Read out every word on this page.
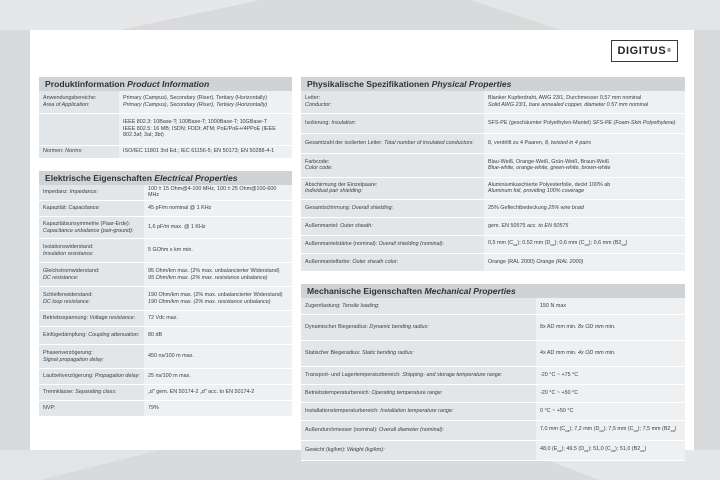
DIGITUS ®
Produktinformation Product Information
Anwendungsbereiche:
Area of Application:	Primary (Campus), Secondary (Riser), Tertiary (Horizontally)
Primary (Campus), Secondary (Riser), Tertiary (Horizontally)

	IEEE 802.3: 10Base-T; 100Base-T; 1000Base-T; 10GBase-T
IEEE 802.5: 16 MB; ISDN; FDDI; ATM; PoE/PoE+/4PPoE (IEEE 802.3af; 3at; 3bt)

Normen: Norms:	ISO/IEC 11801 3rd Ed.; IEC 61156-5; EN 50173; EN 50288-4-1
Elektrische Eigenschaften Electrical Properties
Impedanz: Impedance:	100 ± 15 Ohm@4-100 MHz, 100 ± 25 Ohm@100-600 MHz
Kapazität: Capacitance:	45 pF/m nominal @ 1 KHz
Kapazitätsunsymmetrie (Paar-Erde):
Capacitance unbalance (pair-ground):	1,6 pF/m max. @ 1 KHz
Isolationswiderstand:
Insulation resistance:	5 GOhm x km min.
Gleichstromwiderstand:
DC resistance:	95 Ohm/km max. (2% max. unbalancierter Widerstand)
95 Ohm/km max. (2% max. resistance unbalance)

Schleifenwiderstand:
DC loop resistance:	190 Ohm/km max. (2% max. unbalancierter Widerstand)
190 Ohm/km max. (2% max. resistance unbalance)

Betriebsspannung: Voltage resistance:	72 Vdc max.
Einfügedämpfung: Coupling attenuation:	80 dB
Phasenverzögerung:
Signal propagation delay:	450 ns/100 m max.
Laufzeitverzögerung: Propagation delay:	25 ns/100 m max.
Trennklasse: Separating class:	„d" gem. EN 50174-2 „d" acc. to EN 50174-2
NVP:	79%
Physikalische Spezifikationen Physical Properties
Leiter:
Conductor:	Blanker Kupferdraht, AWG 23/1, Durchmesser 0,57 mm nominal
Solid AWG 23/1, bare annealed copper, diameter 0.57 mm nominal

Isolierung: Insulation:	SFS-PE (geschäumter Polyethylen-Mantel) SFS-PE (Foam-Skin Polyethylene)
Gesamtzahl der isolierten Leiter: Total number of insulated conductors:	8, verdrillt zu 4 Paaren, 8, twisted in 4 pairs
Farbcode:
Color code:	Blau-Weiß, Orange-Weiß, Grün-Weiß, Braun-Weiß
Blue-white, orange-white, green-white, brown-white

Abschirmung der Einzelpaare:
Individual pair shielding:	Aluminiumkaschierte Polyesterfolie, deckt 100% ab
Aluminum foil, providing 100% coverage

Gesamtschirmung: Overall shielding:	25% Geflechtbedeckung 25% wire braid
Außenmantel: Outer sheath:	gem. EN 50575 acc. to EN 50575
Außenmantelstärke (nominal): Overall shielding (nominal):	0,5 mm $(C_{ca})$; 0,52 mm $(D_{ca})$; 0,6 mm $(C_{ca})$; 0,6 mm $(B2_{ca})$
Außenmantelfarbe: Outer sheath color:	Orange (RAL 2000) Orange (RAL 2000)
Mechanische Eigenschaften Mechanical Properties
Zugentlastung: Tensile loading:	150 N max
Dynamischer Biegeradius: Dynamic bending radius:	8x AD mm min. 8x OD mm min.
Statischer Biegeradius: Static bending radius:	4x AD mm min. 4x OD mm min.
Transport- und Lagertemperaturbereich: Shipping- and storage temperature range:	-20 °C ~ +75 °C
Betriebstemperaturbereich: Operating temperature range:	-20 °C ~ +50 °C
Installationstemperaturbereich: Installation temperature range:	0 °C ~ +50 °C
Außendurchmesser (nominal): Overall diameter (nominal):	7,0 mm $(C_{ca})$; 7,2 mm $(D_{ca})$; 7,5 mm $(C_{ca})$; 7,5 mm $(B2_{ca})$
Gewicht (kg/km): Weight (kg/km):	48,0 $(E_{ca})$; 49,5 $(D_{ca})$; 51,0 $(C_{ca})$; 51,0 $(B2_{ca})$
